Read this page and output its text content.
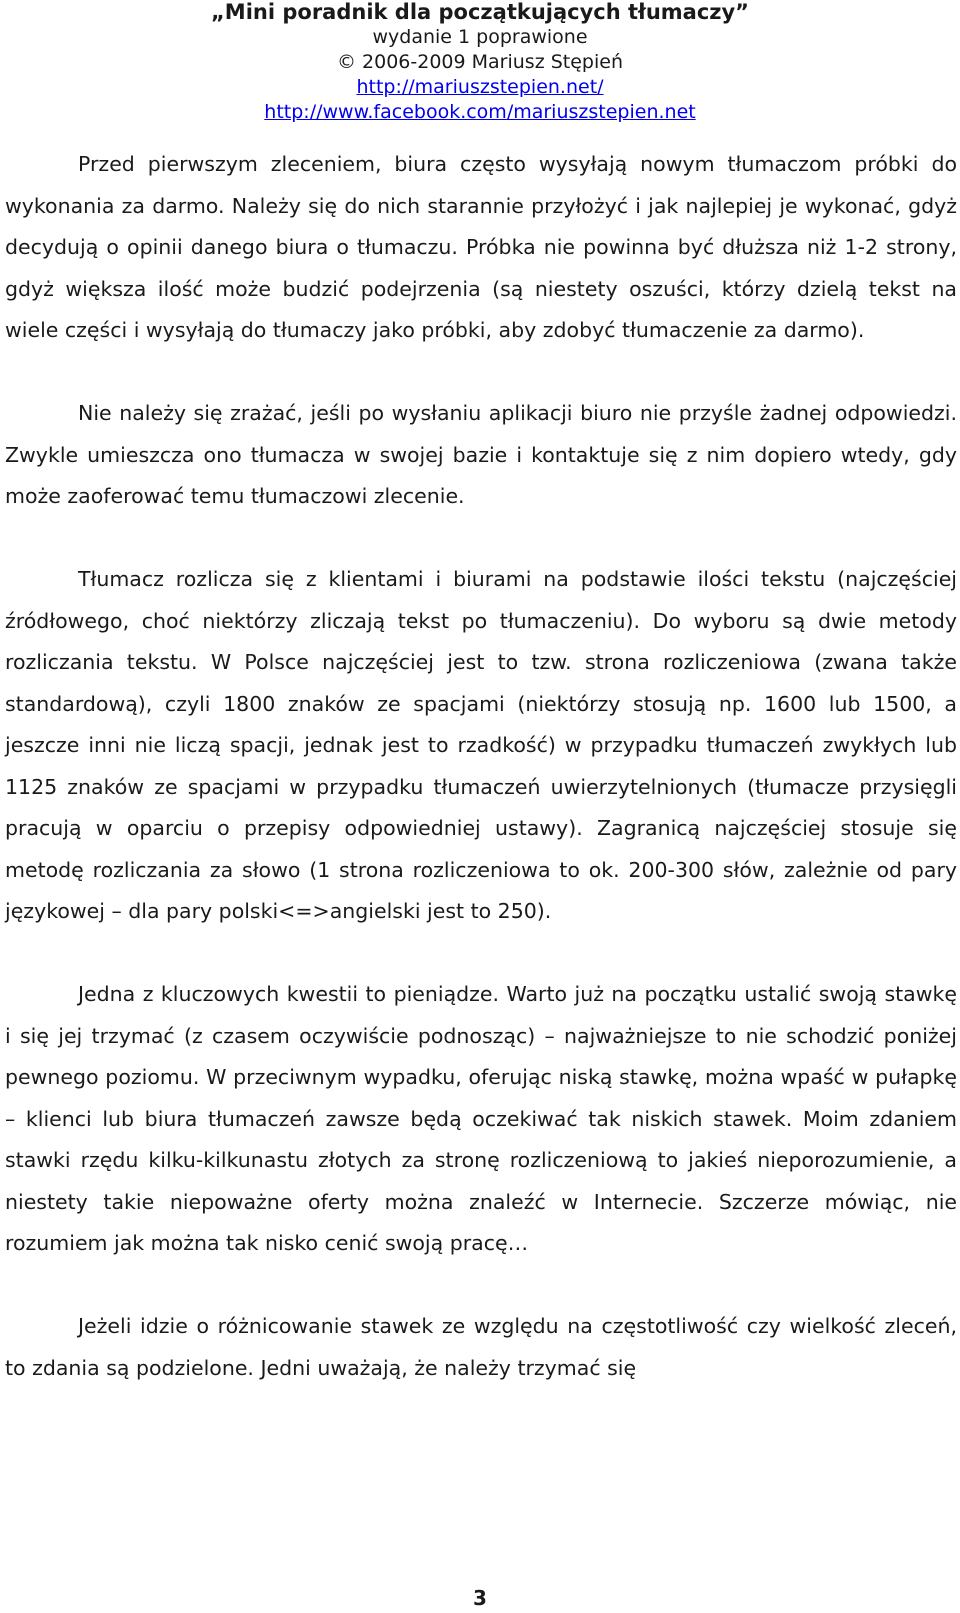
„Mini poradnik dla początkujących tłumaczy”
wydanie 1 poprawione
© 2006-2009 Mariusz Stępień
http://mariuszstepien.net/
http://www.facebook.com/mariuszstepien.net

Przed pierwszym zleceniem, biura często wysyłają nowym tłumaczom próbki do wykonania za darmo. Należy się do nich starannie przyłożyć i jak najlepiej je wykonać, gdyż decydują o opinii danego biura o tłumaczu. Próbka nie powinna być dłuższa niż 1-2 strony, gdyż większa ilość może budzić podejrzenia (są niestety oszuści, którzy dzielą tekst na wiele części i wysyłają do tłumaczy jako próbki, aby zdobyć tłumaczenie za darmo).

Nie należy się zrażać, jeśli po wysłaniu aplikacji biuro nie przyśle żadnej odpowiedzi. Zwykle umieszcza ono tłumacza w swojej bazie i kontaktuje się z nim dopiero wtedy, gdy może zaoferować temu tłumaczowi zlecenie.

Tłumacz rozlicza się z klientami i biurami na podstawie ilości tekstu (najczęściej źródłowego, choć niektórzy zliczają tekst po tłumaczeniu). Do wyboru są dwie metody rozliczania tekstu. W Polsce najczęściej jest to tzw. strona rozliczeniowa (zwana także standardową), czyli 1800 znaków ze spacjami (niektórzy stosują np. 1600 lub 1500, a jeszcze inni nie liczą spacji, jednak jest to rzadkość) w przypadku tłumaczeń zwykłych lub 1125 znaków ze spacjami w przypadku tłumaczeń uwierzytelnionych (tłumacze przysięgli pracują w oparciu o przepisy odpowiedniej ustawy). Zagranicą najczęściej stosuje się metodę rozliczania za słowo (1 strona rozliczeniowa to ok. 200-300 słów, zależnie od pary językowej – dla pary polski<=>angielski jest to 250).

Jedna z kluczowych kwestii to pieniądze. Warto już na początku ustalić swoją stawkę i się jej trzymać (z czasem oczywiście podnosząc) – najważniejsze to nie schodzić poniżej pewnego poziomu. W przeciwnym wypadku, oferując niską stawkę, można wpaść w pułapkę – klienci lub biura tłumaczeń zawsze będą oczekiwać tak niskich stawek. Moim zdaniem stawki rzędu kilku-kilkunastu złotych za stronę rozliczeniową to jakieś nieporozumienie, a niestety takie niepoważne oferty można znaleźć w Internecie. Szczerze mówiąc, nie rozumiem jak można tak nisko cenić swoją pracę…

Jeżeli idzie o różnicowanie stawek ze względu na częstotliwość czy wielkość zleceń, to zdania są podzielone. Jedni uważają, że należy trzymać się

3
